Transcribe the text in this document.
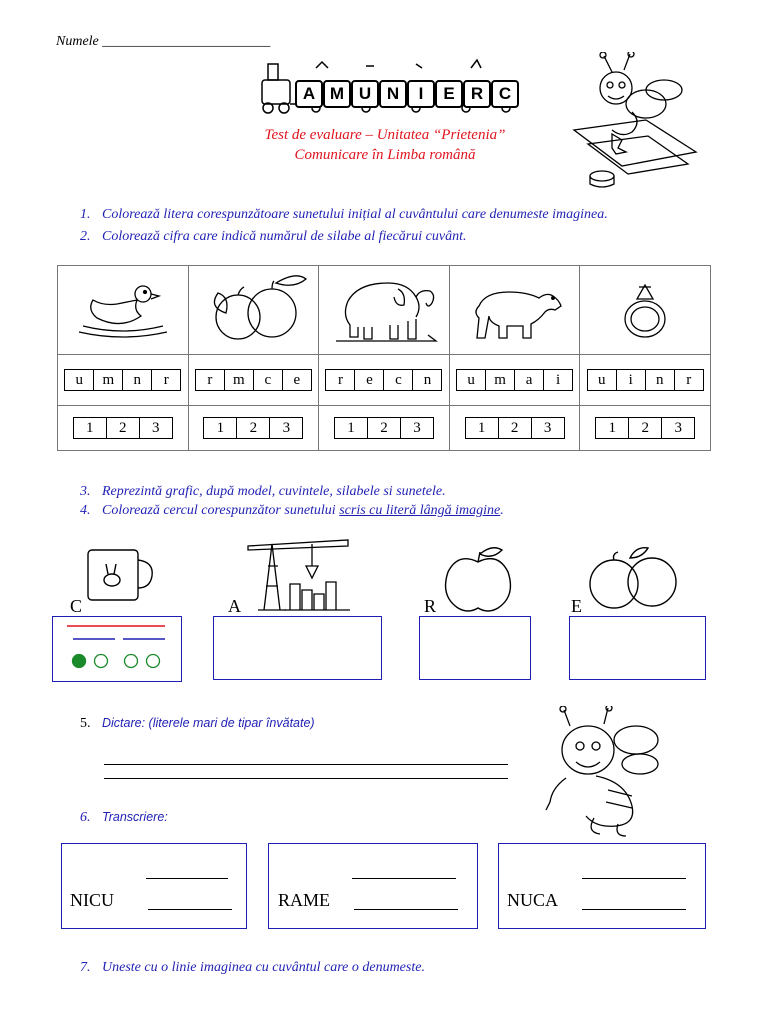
Numele ________________________
A M U N	I	E R C
Test de evaluare – Unitatea “Prietenia”
Comunicare în Limba română
1. Colorează litera corespunzătoare sunetului inițial al cuvântului care denumeste imaginea.
2. Colorează cifra care indică numărul de silabe al fiecărui cuvânt.

u m n r	r m c e	r e c n	u m a i	u i n r

1 2 3	1 2 3	1 2 3	1 2 3	1 2 3
3. Reprezintă grafic, după model, cuvintele, silabele si sunetele.
4. Colorează cercul corespunzător sunetului scris cu literă lângă imagine.
C	A	R	E
5. Dictare: (literele mari de tipar învătate)
6. Transcriere:
NICU	RAME	NUCA
7. Uneste cu o linie imaginea cu cuvântul care o denumeste.
